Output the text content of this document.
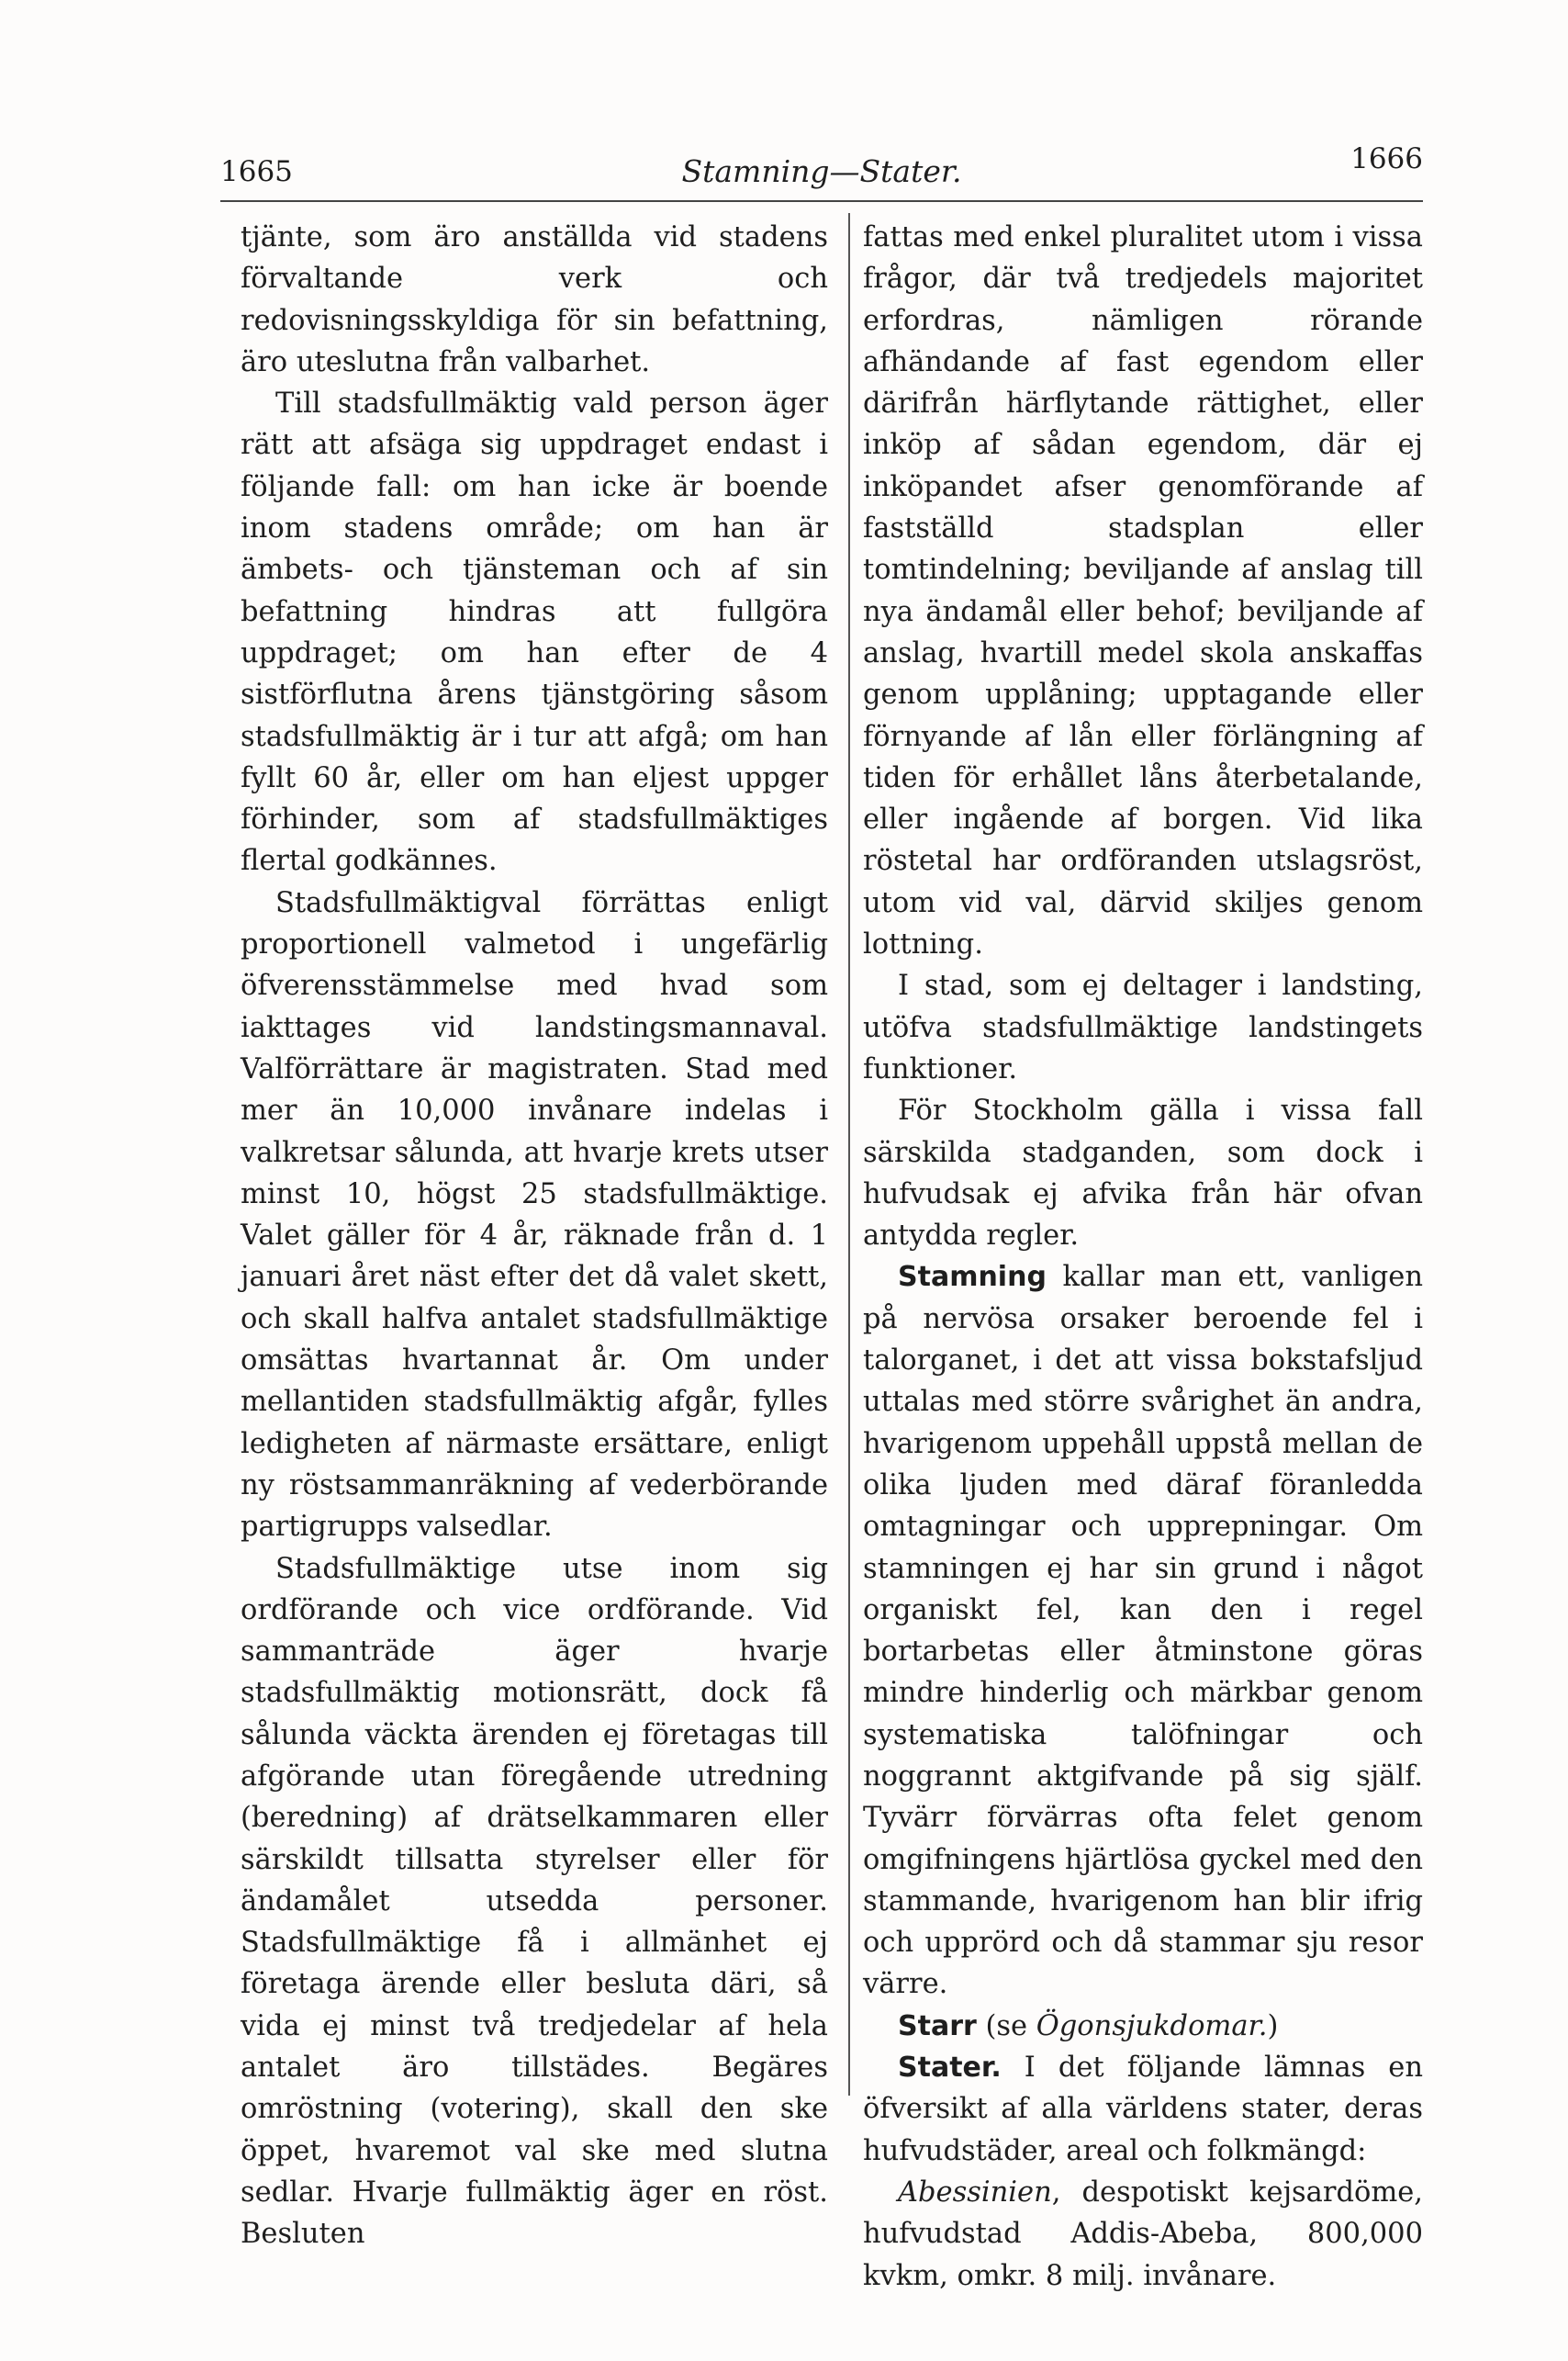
1665	Stamning—Stater.	1666

tjänte, som äro anställda vid stadens förvaltande verk och redovisningsskyldiga för sin befattning, äro uteslutna från valbarhet.

Till stadsfullmäktig vald person äger rätt att afsäga sig uppdraget endast i följande fall: om han icke är boende inom stadens område; om han är ämbets- och tjänsteman och af sin befattning hindras att fullgöra uppdraget; om han efter de 4 sistförflutna årens tjänstgöring såsom stadsfullmäktig är i tur att afgå; om han fyllt 60 år, eller om han eljest uppger förhinder, som af stadsfullmäktiges flertal godkännes.

Stadsfullmäktigval förrättas enligt proportionell valmetod i ungefärlig öfverensstämmelse med hvad som iakttages vid landstingsmannaval. Valförrättare är magistraten. Stad med mer än 10,000 invånare indelas i valkretsar sålunda, att hvarje krets utser minst 10, högst 25 stadsfullmäktige. Valet gäller för 4 år, räknade från d. 1 januari året näst efter det då valet skett, och skall halfva antalet stadsfullmäktige omsättas hvartannat år. Om under mellantiden stadsfullmäktig afgår, fylles ledigheten af närmaste ersättare, enligt ny röstsammanräkning af vederbörande partigrupps valsedlar.

Stadsfullmäktige utse inom sig ordförande och vice ordförande. Vid sammanträde äger hvarje stadsfullmäktig motionsrätt, dock få sålunda väckta ärenden ej företagas till afgörande utan föregående utredning (beredning) af drätselkammaren eller särskildt tillsatta styrelser eller för ändamålet utsedda personer. Stadsfullmäktige få i allmänhet ej företaga ärende eller besluta däri, så vida ej minst två tredjedelar af hela antalet äro tillstädes. Begäres omröstning (votering), skall den ske öppet, hvaremot val ske med slutna sedlar. Hvarje fullmäktig äger en röst. Besluten

fattas med enkel pluralitet utom i vissa frågor, där två tredjedels majoritet erfordras, nämligen rörande afhändande af fast egendom eller därifrån härflytande rättighet, eller inköp af sådan egendom, där ej inköpandet afser genomförande af fastställd stadsplan eller tomtindelning; beviljande af anslag till nya ändamål eller behof; beviljande af anslag, hvartill medel skola anskaffas genom upplåning; upptagande eller förnyande af lån eller förlängning af tiden för erhållet låns återbetalande, eller ingående af borgen. Vid lika röstetal har ordföranden utslagsröst, utom vid val, därvid skiljes genom lottning.

I stad, som ej deltager i landsting, utöfva stadsfullmäktige landstingets funktioner.

För Stockholm gälla i vissa fall särskilda stadganden, som dock i hufvudsak ej afvika från här ofvan antydda regler.

Stamning kallar man ett, vanligen på nervösa orsaker beroende fel i talorganet, i det att vissa bokstafsljud uttalas med större svårighet än andra, hvarigenom uppehåll uppstå mellan de olika ljuden med däraf föranledda omtagningar och upprepningar. Om stamningen ej har sin grund i något organiskt fel, kan den i regel bortarbetas eller åtminstone göras mindre hinderlig och märkbar genom systematiska talöfningar och noggrannt aktgifvande på sig själf. Tyvärr förvärras ofta felet genom omgifningens hjärtlösa gyckel med den stammande, hvarigenom han blir ifrig och upprörd och då stammar sju resor värre.

Starr (se Ögonsjukdomar.)

Stater. I det följande lämnas en öfversikt af alla världens stater, deras hufvudstäder, areal och folkmängd:

Abessinien, despotiskt kejsardöme, hufvudstad Addis-Abeba, 800,000 kvkm, omkr. 8 milj. invånare.
